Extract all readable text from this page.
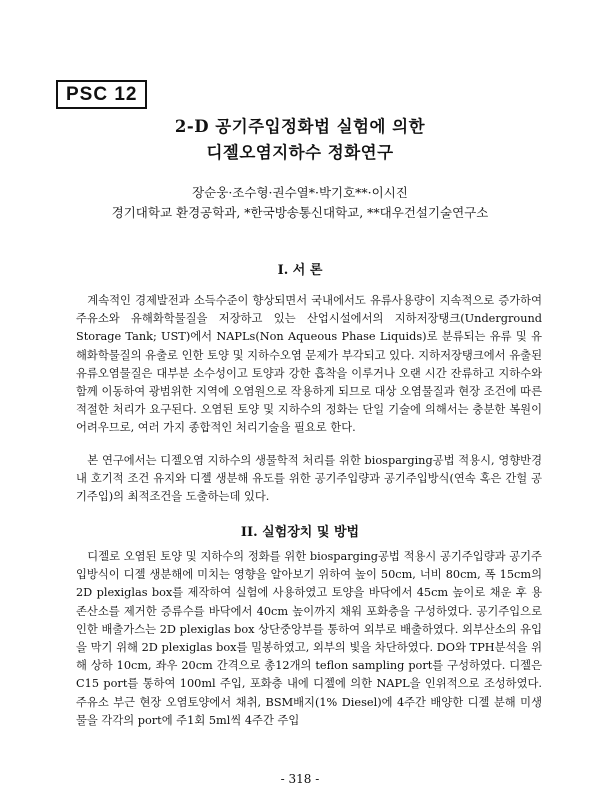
PSC 12
2-D 공기주입정화법 실험에 의한
디젤오염지하수 정화연구
장순웅·조수형·권수열*·박기호**·이시진
경기대학교 환경공학과, *한국방송통신대학교, **대우건설기술연구소
I. 서 론

계속적인 경제발전과 소득수준이 향상되면서 국내에서도 유류사용량이 지속적으로 증가하여 주유소와 유해화학물질을 저장하고 있는 산업시설에서의 지하저장탱크(Underground Storage Tank; UST)에서 NAPLs(Non Aqueous Phase Liquids)로 분류되는 유류 및 유해화학물질의 유출로 인한 토양 및 지하수오염 문제가 부각되고 있다. 지하저장탱크에서 유출된 유류오염물질은 대부분 소수성이고 토양과 강한 흡착을 이루거나 오랜 시간 잔류하고 지하수와 함께 이동하여 광범위한 지역에 오염원으로 작용하게 되므로 대상 오염물질과 현장 조건에 따른 적절한 처리가 요구된다. 오염된 토양 및 지하수의 정화는 단일 기술에 의해서는 충분한 복원이 어려우므로, 여러 가지 종합적인 처리기술을 필요로 한다.

본 연구에서는 디젤오염 지하수의 생물학적 처리를 위한 biosparging공법 적용시, 영향반경내 호기적 조건 유지와 디젤 생분해 유도를 위한 공기주입량과 공기주입방식(연속 혹은 간헐 공기주입)의 최적조건을 도출하는데 있다.

II. 실험장치 및 방법

디젤로 오염된 토양 및 지하수의 정화를 위한 biosparging공법 적용시 공기주입량과 공기주입방식이 디젤 생분해에 미치는 영향을 알아보기 위하여 높이 50cm, 너비 80cm, 폭 15cm의 2D plexiglas box를 제작하여 실험에 사용하였고 토양을 바닥에서 45cm 높이로 채운 후 용존산소를 제거한 증류수를 바닥에서 40cm 높이까지 채워 포화층을 구성하였다. 공기주입으로 인한 배출가스는 2D plexiglas box 상단중앙부를 통하여 외부로 배출하였다. 외부산소의 유입을 막기 위해 2D plexiglas box를 밀봉하였고, 외부의 빛을 차단하였다. DO와 TPH분석을 위해 상하 10cm, 좌우 20cm 간격으로 총12개의 teflon sampling port를 구성하였다. 디젤은 C15 port를 통하여 100ml 주입, 포화층 내에 디젤에 의한 NAPL을 인위적으로 조성하였다. 주유소 부근 현장 오염토양에서 채취, BSM배지(1% Diesel)에 4주간 배양한 디젤 분해 미생물을 각각의 port에 주1회 5ml씩 4주간 주입

- 318 -
